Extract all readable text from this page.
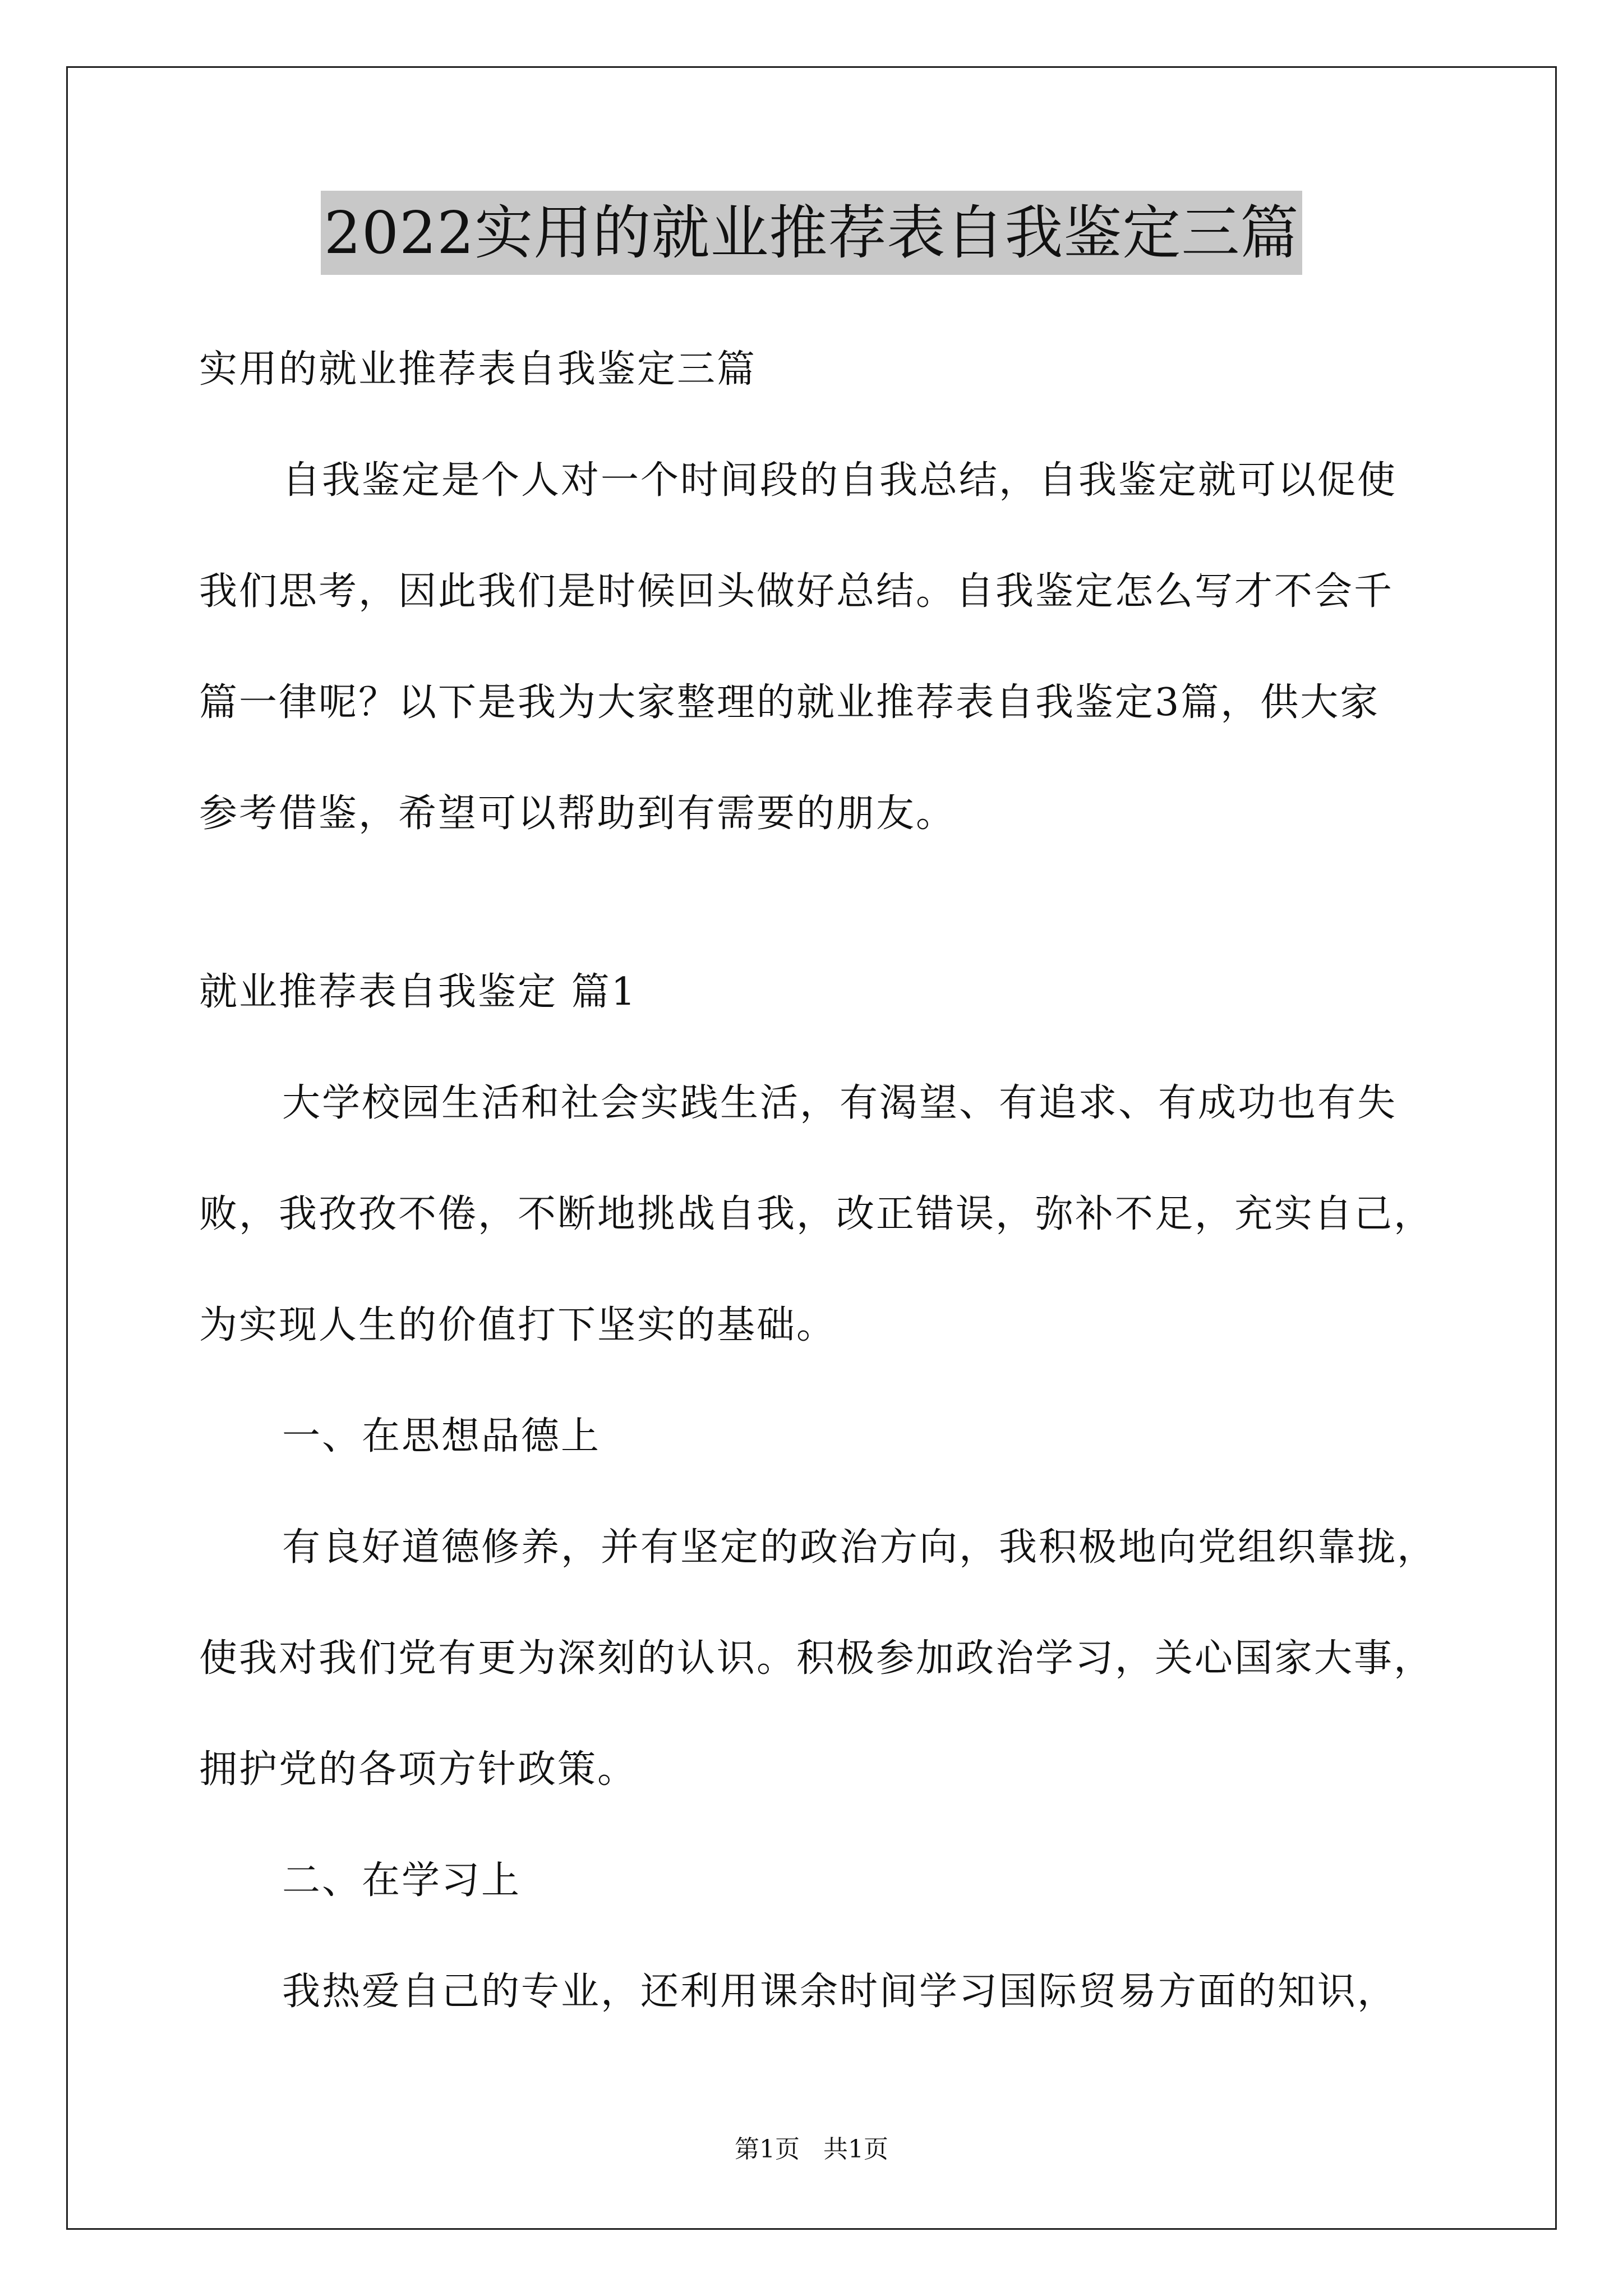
2022实用的就业推荐表自我鉴定三篇
实用的就业推荐表自我鉴定三篇
自我鉴定是个人对一个时间段的自我总结，自我鉴定就可以促使
我们思考，因此我们是时候回头做好总结。自我鉴定怎么写才不会千
篇一律呢？以下是我为大家整理的就业推荐表自我鉴定3篇，供大家
参考借鉴，希望可以帮助到有需要的朋友。
就业推荐表自我鉴定 篇1
大学校园生活和社会实践生活，有渴望、有追求、有成功也有失
败，我孜孜不倦，不断地挑战自我，改正错误，弥补不足，充实自己，
为实现人生的价值打下坚实的基础。
一、在思想品德上
有良好道德修养，并有坚定的政治方向，我积极地向党组织靠拢，
使我对我们党有更为深刻的认识。积极参加政治学习，关心国家大事，
拥护党的各项方针政策。
二、在学习上
我热爱自己的专业，还利用课余时间学习国际贸易方面的知识，
第1页 共1页
